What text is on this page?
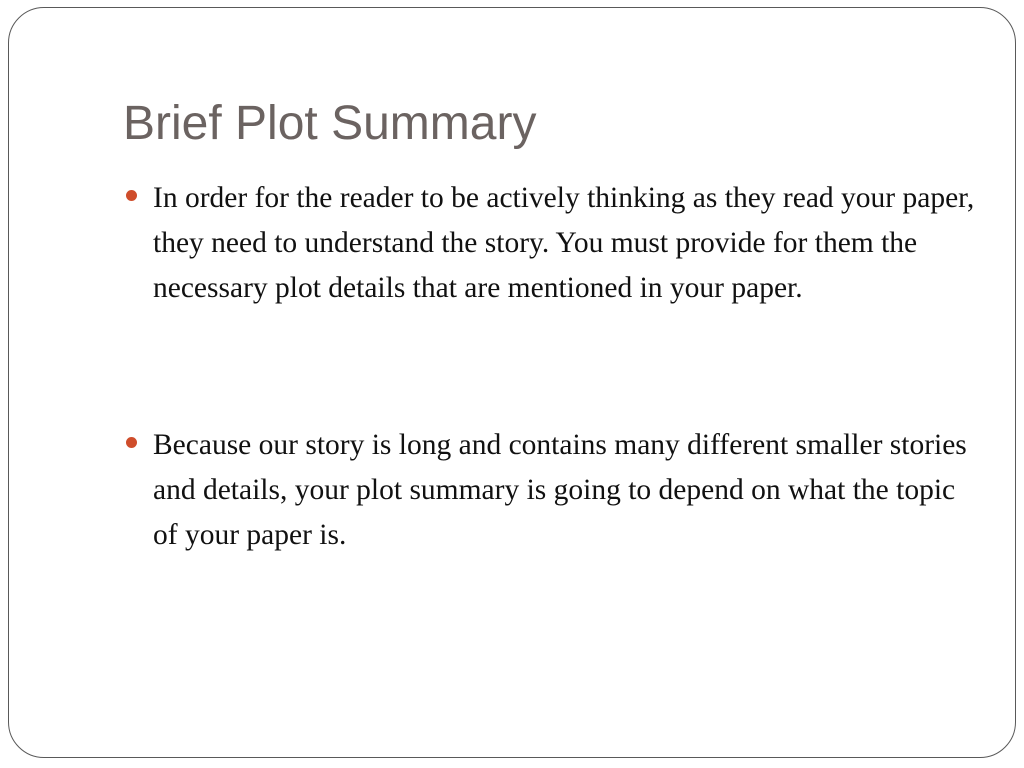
Brief Plot Summary
In order for the reader to be actively thinking as they read your paper, they need to understand the story. You must provide for them the necessary plot details that are mentioned in your paper.
Because our story is long and contains many different smaller stories and details, your plot summary is going to depend on what the topic of your paper is.
